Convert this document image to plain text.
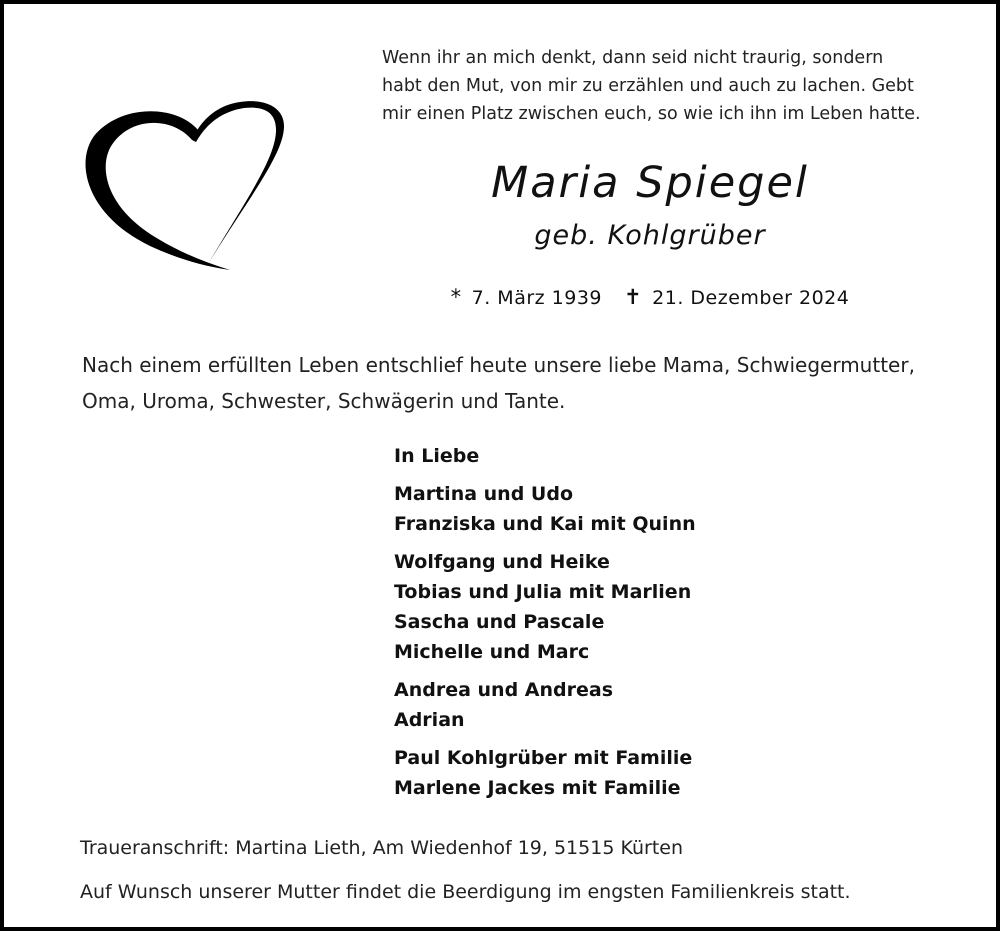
Wenn ihr an mich denkt, dann seid nicht traurig, sondern
habt den Mut, von mir zu erzählen und auch zu lachen. Gebt
mir einen Platz zwischen euch, so wie ich ihn im Leben hatte.
Maria Spiegel
geb. Kohlgrüber
* 7. März 1939 ✝ 21. Dezember 2024
Nach einem erfüllten Leben entschlief heute unsere liebe Mama, Schwiegermutter,
Oma, Uroma, Schwester, Schwägerin und Tante.
In Liebe
Martina und Udo
Franziska und Kai mit Quinn
Wolfgang und Heike
Tobias und Julia mit Marlien
Sascha und Pascale
Michelle und Marc
Andrea und Andreas
Adrian
Paul Kohlgrüber mit Familie
Marlene Jackes mit Familie
Traueranschrift: Martina Lieth, Am Wiedenhof 19, 51515 Kürten
Auf Wunsch unserer Mutter findet die Beerdigung im engsten Familienkreis statt.
